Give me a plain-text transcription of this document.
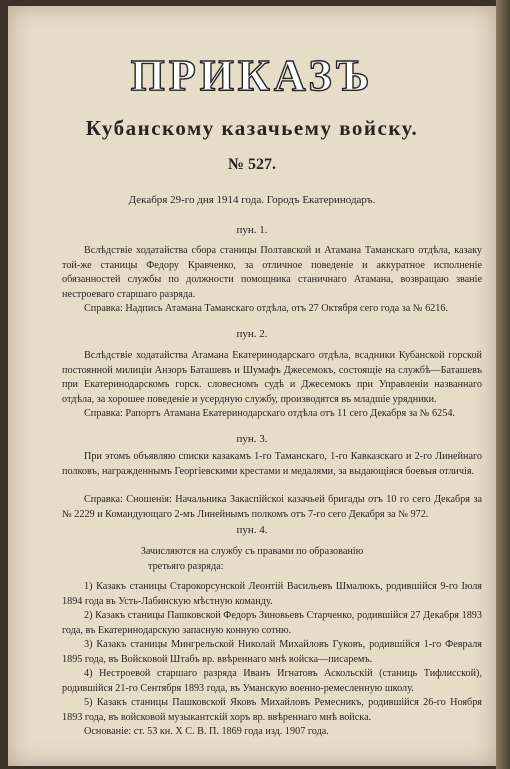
ПРИКАЗЪ
Кубанскому казачьему войску.
№ 527.
Декабря 29-го дня 1914 года. Городъ Екатеринодаръ.
пун. 1.
Вслѣдствіе ходатайства сбора станицы Полтавской и Атамана Таманскаго отдѣла, казаку той-же станицы Федору Кравченко, за отличное поведеніе и аккуратное исполненіе обязанностей службы по должности помощника станичнаго Атамана, возвращаю званіе нестроеваго старшаго разряда.
Справка: Надпись Атамана Таманскаго отдѣла, отъ 27 Октября сего года за № 6216.
пун. 2.
Вслѣдствіе ходатайства Атамана Екатеринодарскаго отдѣла, всадники Кубанской горской постоянной милиціи Анзоръ Баташевъ и Шумафъ Джесемокъ, состоящіе на службѣ—Баташевъ при Екатеринодарскомъ горск. словесномъ судѣ и Джесемокъ при Управленіи названнаго отдѣла, за хорошее поведеніе и усердную службу, производятся въ младшіе урядники.
Справка: Рапортъ Атамана Екатеринодарскаго отдѣла отъ 11 сего Декабря за № 6254.
пун. 3.
При этомъ объявляю списки казакамъ 1-го Таманскаго, 1-го Кавказскаго и 2-го Линейнаго полковъ, награжденнымъ Георгіевскими крестами и медалями, за выдающіяся боевыя отличія.
Справка: Сношенія: Начальника Закаспійскоі казачьей бригады отъ 10 го сего Декабря за № 2229 и Командующаго 2-мъ Линейнымъ полкомъ отъ 7-го сего Декабря за № 972.
пун. 4.
Зачисляются на службу съ правами по образованію
третьяго разряда:
1) Казакъ станицы Старокорсунской Леонтій Васильевъ Шмалюкъ, родившійся 9-го Іюля 1894 года въ Усть-Лабинскую мѣстную команду.
2) Казакъ станицы Пашковской Федоръ Зиновьевъ Старченко, родившійся 27 Декабря 1893 года, въ Екатеринодарскую запасную конную сотню.
3) Казакъ станицы Мингрельской Николай Михайловъ Гуковъ, родившійся 1-го Февраля 1895 года, въ Войсковой Штабъ вр. ввѣреннаго мнѣ войска—писаремъ.
4) Нестроевой старшаго разряда Иванъ Игнатовъ Аскольскій (станиць Тифлисской), родившійся 21-го Сентября 1893 года, въ Уманскую военно-ремесленную школу.
5) Казакъ станицы Пашковской Яковъ Михайловъ Ремесникъ, родившійся 26-го Ноября 1893 года, въ войсковой музыкантскій хоръ вр. ввѣреннаго мнѣ войска.
Основаніе: ст. 53 кн. Х С. В. П. 1869 года изд. 1907 года.
